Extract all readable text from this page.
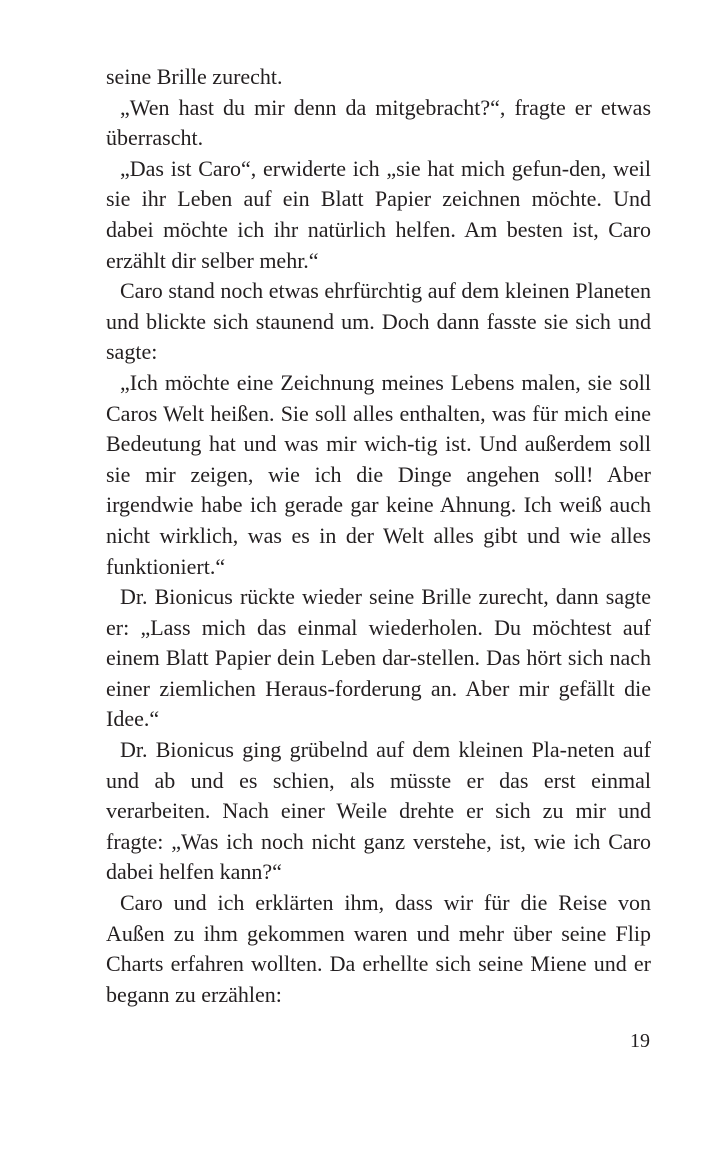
seine Brille zurecht.

„Wen hast du mir denn da mitgebracht?“, fragte er etwas überrascht.

„Das ist Caro“, erwiderte ich „sie hat mich gefun-den, weil sie ihr Leben auf ein Blatt Papier zeichnen möchte. Und dabei möchte ich ihr natürlich helfen. Am besten ist, Caro erzählt dir selber mehr.“

Caro stand noch etwas ehrfürchtig auf dem kleinen Planeten und blickte sich staunend um. Doch dann fasste sie sich und sagte:

„Ich möchte eine Zeichnung meines Lebens malen, sie soll Caros Welt heißen. Sie soll alles enthalten, was für mich eine Bedeutung hat und was mir wich-tig ist. Und außerdem soll sie mir zeigen, wie ich die Dinge angehen soll! Aber irgendwie habe ich gerade gar keine Ahnung. Ich weiß auch nicht wirklich, was es in der Welt alles gibt und wie alles funktioniert.“

Dr. Bionicus rückte wieder seine Brille zurecht, dann sagte er: „Lass mich das einmal wiederholen. Du möchtest auf einem Blatt Papier dein Leben dar-stellen. Das hört sich nach einer ziemlichen Heraus-forderung an. Aber mir gefällt die Idee.“

Dr. Bionicus ging grübelnd auf dem kleinen Pla-neten auf und ab und es schien, als müsste er das erst einmal verarbeiten. Nach einer Weile drehte er sich zu mir und fragte: „Was ich noch nicht ganz verstehe, ist, wie ich Caro dabei helfen kann?“

Caro und ich erklärten ihm, dass wir für die Reise von Außen zu ihm gekommen waren und mehr über seine Flip Charts erfahren wollten. Da erhellte sich seine Miene und er begann zu erzählen:

19
